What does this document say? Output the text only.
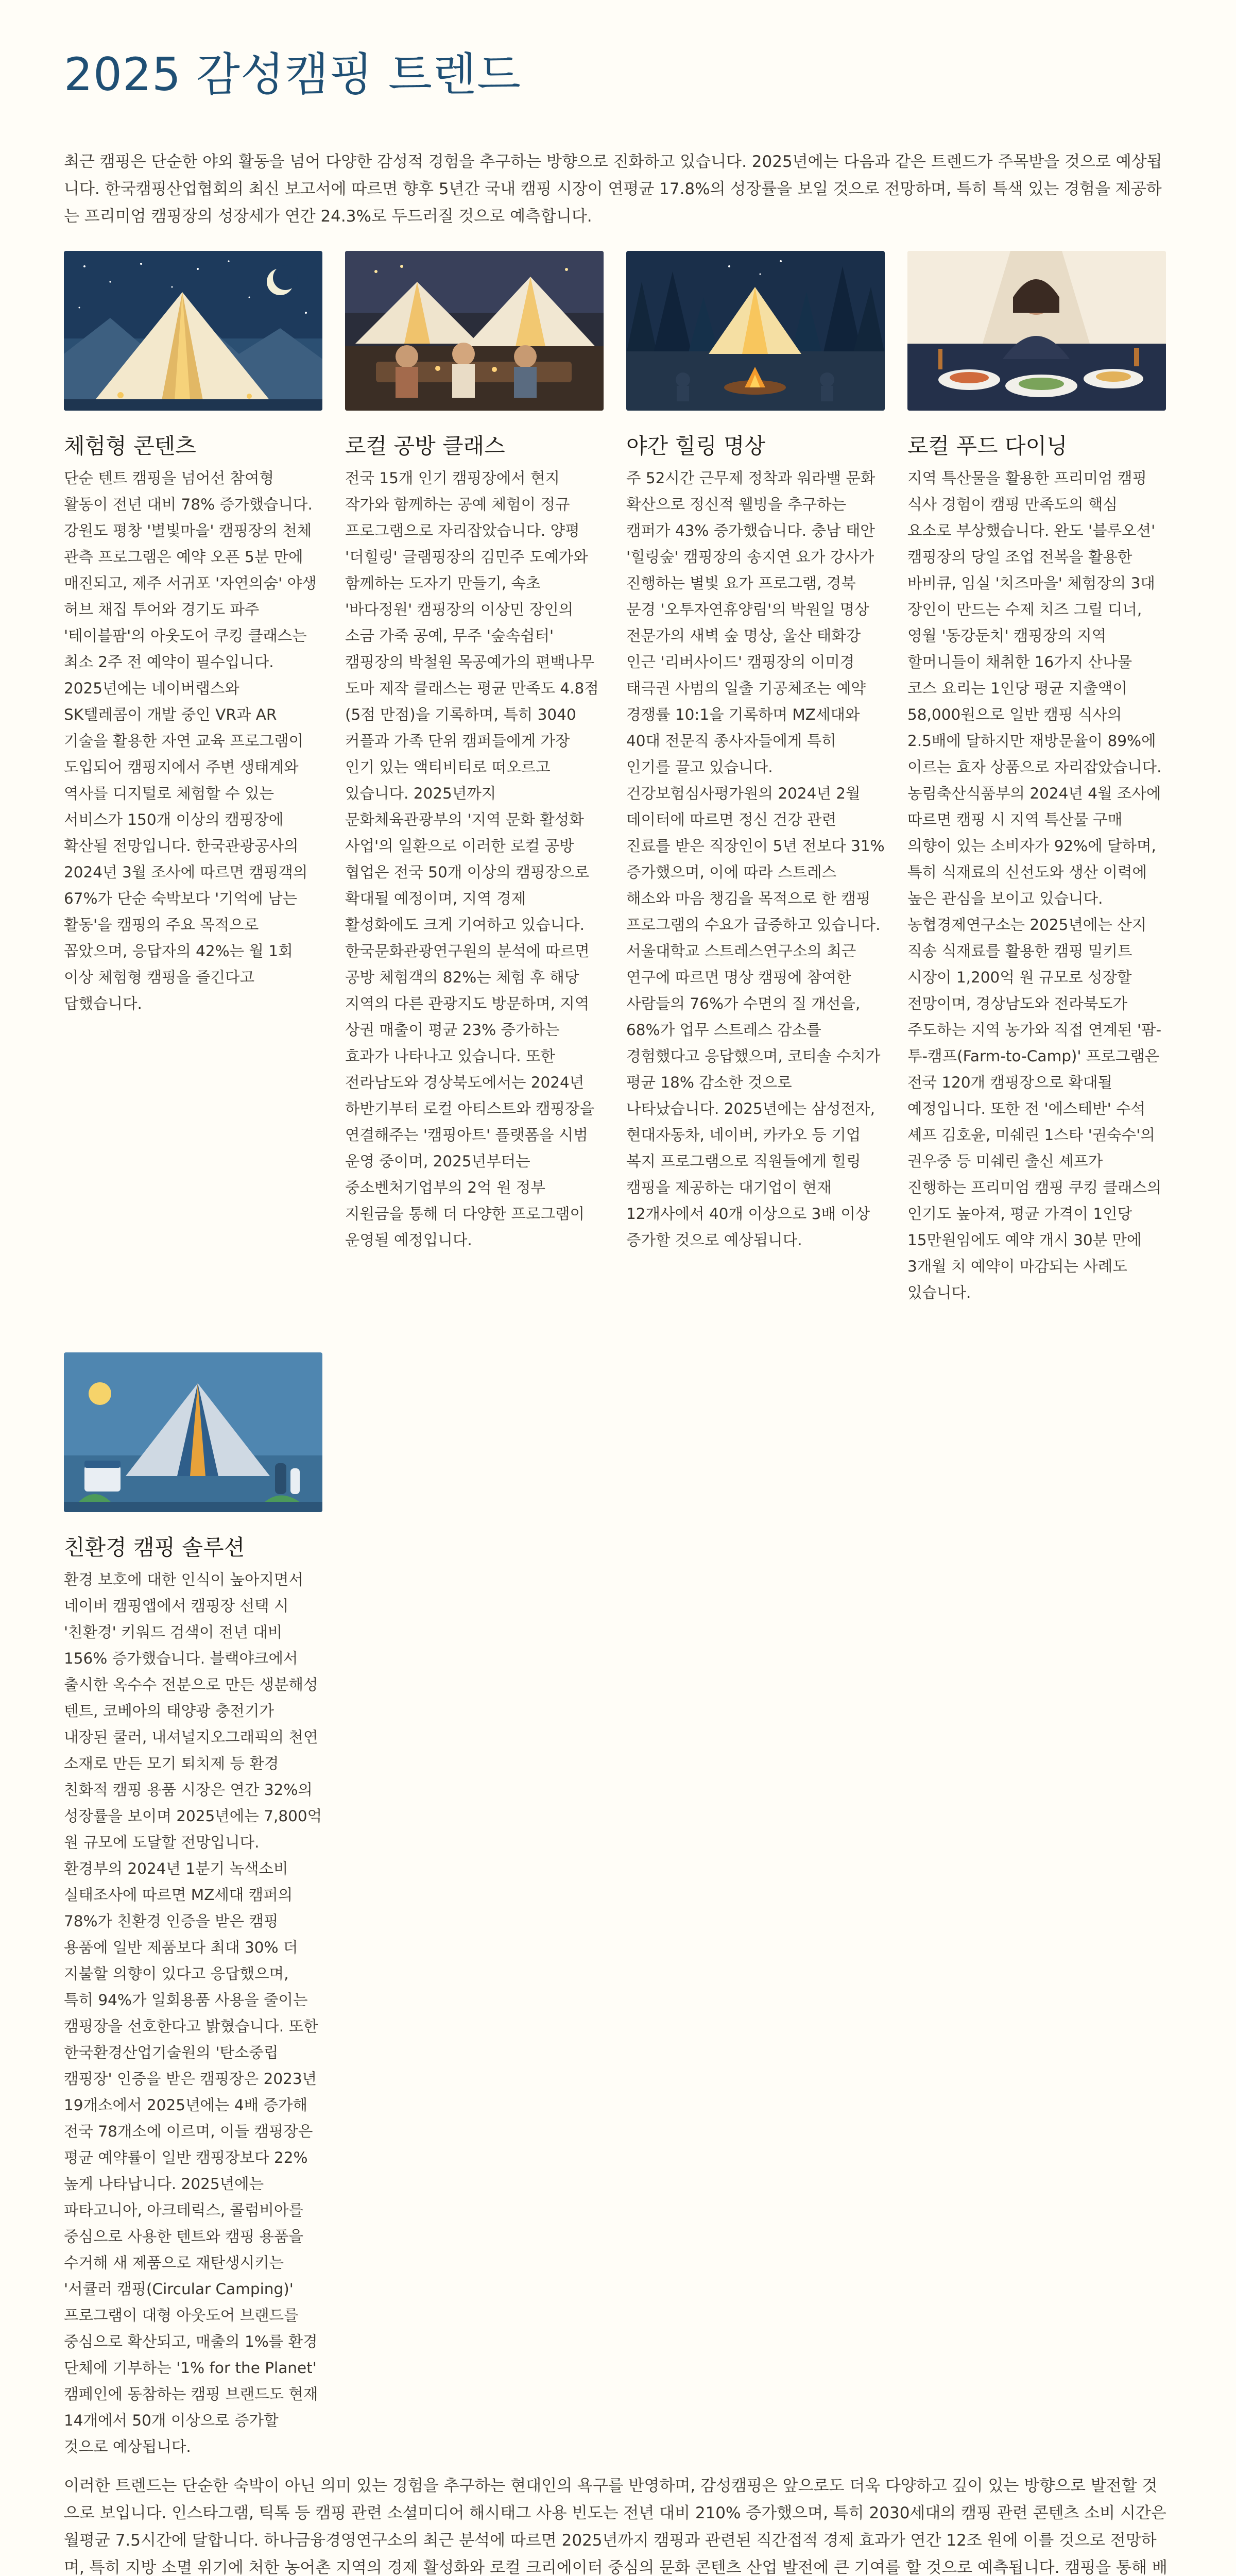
2025 감성캠핑 트렌드

최근 캠핑은 단순한 야외 활동을 넘어 다양한 감성적 경험을 추구하는 방향으로 진화하고 있습니다. 2025년에는 다음과 같은 트렌드가 주목받을 것으로 예상됩니다. 한국캠핑산업협회의 최신 보고서에 따르면 향후 5년간 국내 캠핑 시장이 연평균 17.8%의 성장률을 보일 것으로 전망하며, 특히 특색 있는 경험을 제공하는 프리미엄 캠핑장의 성장세가 연간 24.3%로 두드러질 것으로 예측합니다.

체험형 콘텐츠

단순 텐트 캠핑을 넘어선 참여형 활동이 전년 대비 78% 증가했습니다. 강원도 평창 '별빛마을' 캠핑장의 천체 관측 프로그램은 예약 오픈 5분 만에 매진되고, 제주 서귀포 '자연의숨' 야생 허브 채집 투어와 경기도 파주 '테이블팜'의 아웃도어 쿠킹 클래스는 최소 2주 전 예약이 필수입니다. 2025년에는 네이버랩스와 SK텔레콤이 개발 중인 VR과 AR 기술을 활용한 자연 교육 프로그램이 도입되어 캠핑지에서 주변 생태계와 역사를 디지털로 체험할 수 있는 서비스가 150개 이상의 캠핑장에 확산될 전망입니다. 한국관광공사의 2024년 3월 조사에 따르면 캠핑객의 67%가 단순 숙박보다 '기억에 남는 활동'을 캠핑의 주요 목적으로 꼽았으며, 응답자의 42%는 월 1회 이상 체험형 캠핑을 즐긴다고 답했습니다.

로컬 공방 클래스

전국 15개 인기 캠핑장에서 현지 작가와 함께하는 공예 체험이 정규 프로그램으로 자리잡았습니다. 양평 '더힐링' 글램핑장의 김민주 도예가와 함께하는 도자기 만들기, 속초 '바다정원' 캠핑장의 이상민 장인의 소금 가죽 공예, 무주 '숲속쉼터' 캠핑장의 박철원 목공예가의 편백나무 도마 제작 클래스는 평균 만족도 4.8점(5점 만점)을 기록하며, 특히 3040 커플과 가족 단위 캠퍼들에게 가장 인기 있는 액티비티로 떠오르고 있습니다. 2025년까지 문화체육관광부의 '지역 문화 활성화 사업'의 일환으로 이러한 로컬 공방 협업은 전국 50개 이상의 캠핑장으로 확대될 예정이며, 지역 경제 활성화에도 크게 기여하고 있습니다. 한국문화관광연구원의 분석에 따르면 공방 체험객의 82%는 체험 후 해당 지역의 다른 관광지도 방문하며, 지역 상권 매출이 평균 23% 증가하는 효과가 나타나고 있습니다. 또한 전라남도와 경상북도에서는 2024년 하반기부터 로컬 아티스트와 캠핑장을 연결해주는 '캠핑아트' 플랫폼을 시범 운영 중이며, 2025년부터는 중소벤처기업부의 2억 원 정부 지원금을 통해 더 다양한 프로그램이 운영될 예정입니다.

야간 힐링 명상

주 52시간 근무제 정착과 워라밸 문화 확산으로 정신적 웰빙을 추구하는 캠퍼가 43% 증가했습니다. 충남 태안 '힐링숲' 캠핑장의 송지연 요가 강사가 진행하는 별빛 요가 프로그램, 경북 문경 '오투자연휴양림'의 박원일 명상 전문가의 새벽 숲 명상, 울산 태화강 인근 '리버사이드' 캠핑장의 이미경 태극권 사범의 일출 기공체조는 예약 경쟁률 10:1을 기록하며 MZ세대와 40대 전문직 종사자들에게 특히 인기를 끌고 있습니다. 건강보험심사평가원의 2024년 2월 데이터에 따르면 정신 건강 관련 진료를 받은 직장인이 5년 전보다 31% 증가했으며, 이에 따라 스트레스 해소와 마음 챙김을 목적으로 한 캠핑 프로그램의 수요가 급증하고 있습니다. 서울대학교 스트레스연구소의 최근 연구에 따르면 명상 캠핑에 참여한 사람들의 76%가 수면의 질 개선을, 68%가 업무 스트레스 감소를 경험했다고 응답했으며, 코티솔 수치가 평균 18% 감소한 것으로 나타났습니다. 2025년에는 삼성전자, 현대자동차, 네이버, 카카오 등 기업 복지 프로그램으로 직원들에게 힐링 캠핑을 제공하는 대기업이 현재 12개사에서 40개 이상으로 3배 이상 증가할 것으로 예상됩니다.

로컬 푸드 다이닝

지역 특산물을 활용한 프리미엄 캠핑 식사 경험이 캠핑 만족도의 핵심 요소로 부상했습니다. 완도 '블루오션' 캠핑장의 당일 조업 전복을 활용한 바비큐, 임실 '치즈마을' 체험장의 3대 장인이 만드는 수제 치즈 그릴 디너, 영월 '동강둔치' 캠핑장의 지역 할머니들이 채취한 16가지 산나물 코스 요리는 1인당 평균 지출액이 58,000원으로 일반 캠핑 식사의 2.5배에 달하지만 재방문율이 89%에 이르는 효자 상품으로 자리잡았습니다. 농림축산식품부의 2024년 4월 조사에 따르면 캠핑 시 지역 특산물 구매 의향이 있는 소비자가 92%에 달하며, 특히 식재료의 신선도와 생산 이력에 높은 관심을 보이고 있습니다. 농협경제연구소는 2025년에는 산지 직송 식재료를 활용한 캠핑 밀키트 시장이 1,200억 원 규모로 성장할 전망이며, 경상남도와 전라북도가 주도하는 지역 농가와 직접 연계된 '팜-투-캠프(Farm-to-Camp)' 프로그램은 전국 120개 캠핑장으로 확대될 예정입니다. 또한 전 '에스테반' 수석 셰프 김호윤, 미쉐린 1스타 '권숙수'의 권우중 등 미쉐린 출신 셰프가 진행하는 프리미엄 캠핑 쿠킹 클래스의 인기도 높아져, 평균 가격이 1인당 15만원임에도 예약 개시 30분 만에 3개월 치 예약이 마감되는 사례도 있습니다.

친환경 캠핑 솔루션

환경 보호에 대한 인식이 높아지면서 네이버 캠핑앱에서 캠핑장 선택 시 '친환경' 키워드 검색이 전년 대비 156% 증가했습니다. 블랙야크에서 출시한 옥수수 전분으로 만든 생분해성 텐트, 코베아의 태양광 충전기가 내장된 쿨러, 내셔널지오그래픽의 천연 소재로 만든 모기 퇴치제 등 환경 친화적 캠핑 용품 시장은 연간 32%의 성장률을 보이며 2025년에는 7,800억 원 규모에 도달할 전망입니다. 환경부의 2024년 1분기 녹색소비 실태조사에 따르면 MZ세대 캠퍼의 78%가 친환경 인증을 받은 캠핑 용품에 일반 제품보다 최대 30% 더 지불할 의향이 있다고 응답했으며, 특히 94%가 일회용품 사용을 줄이는 캠핑장을 선호한다고 밝혔습니다. 또한 한국환경산업기술원의 '탄소중립 캠핑장' 인증을 받은 캠핑장은 2023년 19개소에서 2025년에는 4배 증가해 전국 78개소에 이르며, 이들 캠핑장은 평균 예약률이 일반 캠핑장보다 22% 높게 나타납니다. 2025년에는 파타고니아, 아크테릭스, 콜럼비아를 중심으로 사용한 텐트와 캠핑 용품을 수거해 새 제품으로 재탄생시키는 '서큘러 캠핑(Circular Camping)' 프로그램이 대형 아웃도어 브랜드를 중심으로 확산되고, 매출의 1%를 환경 단체에 기부하는 '1% for the Planet' 캠페인에 동참하는 캠핑 브랜드도 현재 14개에서 50개 이상으로 증가할 것으로 예상됩니다.

이러한 트렌드는 단순한 숙박이 아닌 의미 있는 경험을 추구하는 현대인의 욕구를 반영하며, 감성캠핑은 앞으로도 더욱 다양하고 깊이 있는 방향으로 발전할 것으로 보입니다. 인스타그램, 틱톡 등 캠핑 관련 소셜미디어 해시태그 사용 빈도는 전년 대비 210% 증가했으며, 특히 2030세대의 캠핑 관련 콘텐츠 소비 시간은 월평균 7.5시간에 달합니다. 하나금융경영연구소의 최근 분석에 따르면 2025년까지 캠핑과 관련된 직간접적 경제 효과가 연간 12조 원에 이를 것으로 전망하며, 특히 지방 소멸 위기에 처한 농어촌 지역의 경제 활성화와 로컬 크리에이터 중심의 문화 콘텐츠 산업 발전에 큰 기여를 할 것으로 예측됩니다. 캠핑을 통해 배
